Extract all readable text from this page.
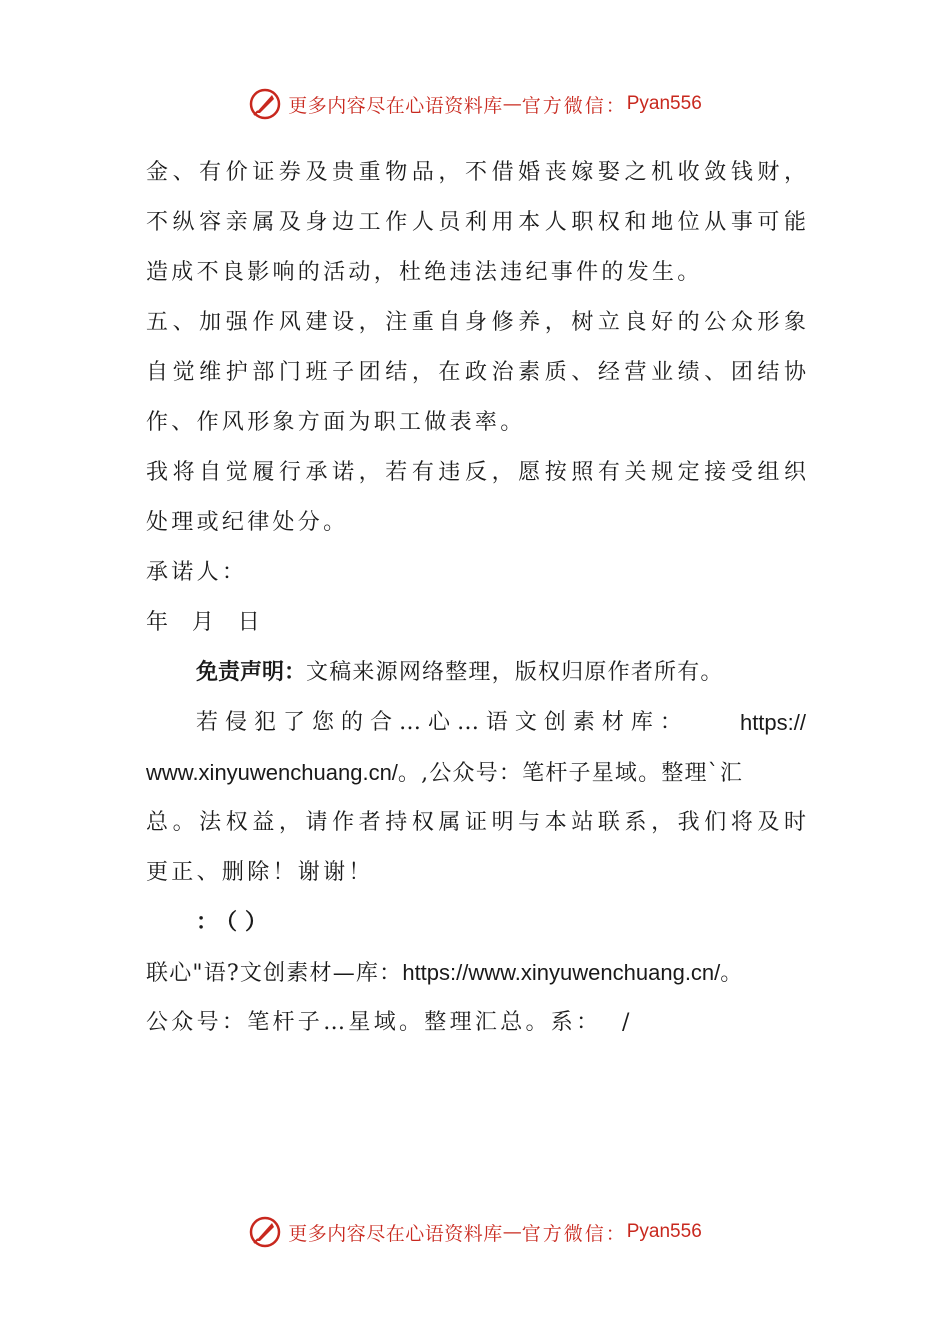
更多内容尽在心语资料库 — 官方微信： Pyan556
金、有价证券及贵重物品，不借婚丧嫁娶之机收敛钱财，
不纵容亲属及身边工作人员利用本人职权和地位从事可能
造成不良影响的活动，杜绝违法违纪事件的发生。
五、加强作风建设，注重自身修养，树立良好的公众形象
自觉维护部门班子团结，在政治素质、经营业绩、团结协
作、作风形象方面为职工做表率。
我将自觉履行承诺，若有违反，愿按照有关规定接受组织
处理或纪律处分。
承诺人：
年  月  日
免责声明：文稿来源网络整理，版权归原作者所有。
若 侵 犯 了 您 的 合 … 心 … 语 文 创 素 材 库 ：	https://
www.xinyuwenchuang.cn/。,公众号：笔杆子星域。整理`汇
总。法权益，请作者持权属证明与本站联系，我们将及时
更正、删除！谢谢！
：（）
联心"语?文创素材—库：https://www.xinyuwenchuang.cn/。
公众号：笔杆子…星域。整理汇总。系：  /
更多内容尽在心语资料库 — 官方微信： Pyan556
